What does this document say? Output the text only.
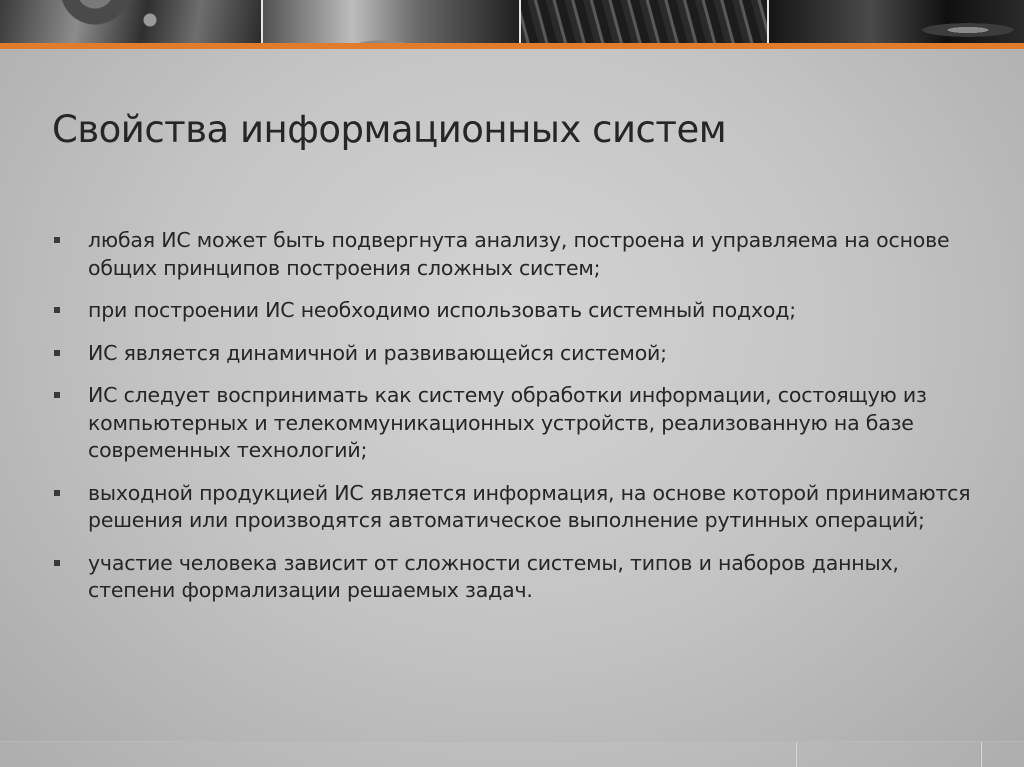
Свойства информационных систем
любая ИС может быть подвергнута анализу, построена и управляема на основе общих принципов построения сложных систем;
при построении ИС необходимо использовать системный подход;
ИС является динамичной и развивающейся системой;
ИС следует воспринимать как систему обработки информации, состоящую из компьютерных и телекоммуникационных устройств, реализованную на базе современных технологий;
выходной продукцией ИС является информация, на основе которой принимаются решения или производятся автоматическое выполнение рутинных операций;
участие человека зависит от сложности системы, типов и наборов данных, степени формализации решаемых задач.
